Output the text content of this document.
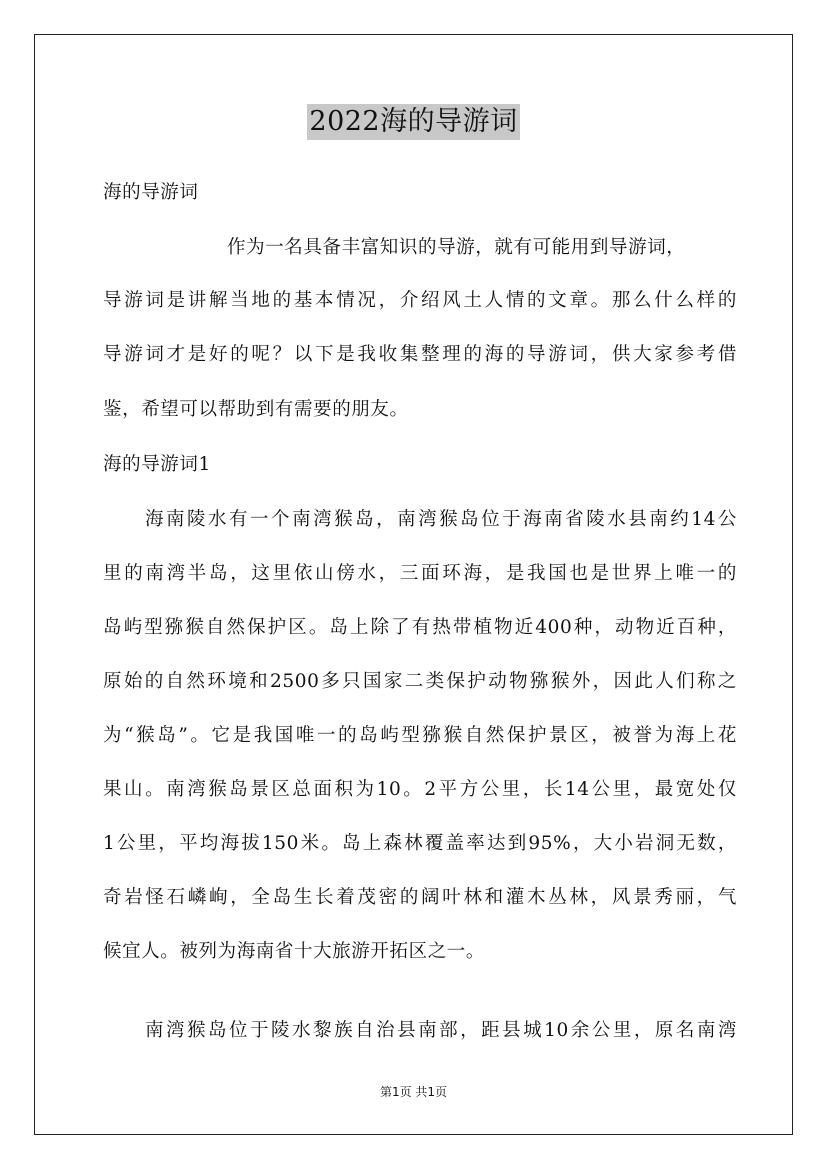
2022海的导游词
海的导游词
作为一名具备丰富知识的导游，就有可能用到导游词，
导游词是讲解当地的基本情况，介绍风土人情的文章。那么什么样的
导游词才是好的呢？以下是我收集整理的海的导游词，供大家参考借
鉴，希望可以帮助到有需要的朋友。
海的导游词1
海南陵水有一个南湾猴岛，南湾猴岛位于海南省陵水县南约14公
里的南湾半岛，这里依山傍水，三面环海，是我国也是世界上唯一的
岛屿型猕猴自然保护区。岛上除了有热带植物近400种，动物近百种，
原始的自然环境和2500多只国家二类保护动物猕猴外，因此人们称之
为“猴岛”。它是我国唯一的岛屿型猕猴自然保护景区，被誉为海上花
果山。南湾猴岛景区总面积为10。2平方公里，长14公里，最宽处仅
1公里，平均海拔150米。岛上森林覆盖率达到95%，大小岩洞无数，
奇岩怪石嶙峋，全岛生长着茂密的阔叶林和灌木丛林，风景秀丽，气
候宜人。被列为海南省十大旅游开拓区之一。
南湾猴岛位于陵水黎族自治县南部，距县城10余公里，原名南湾
第1页 共1页
